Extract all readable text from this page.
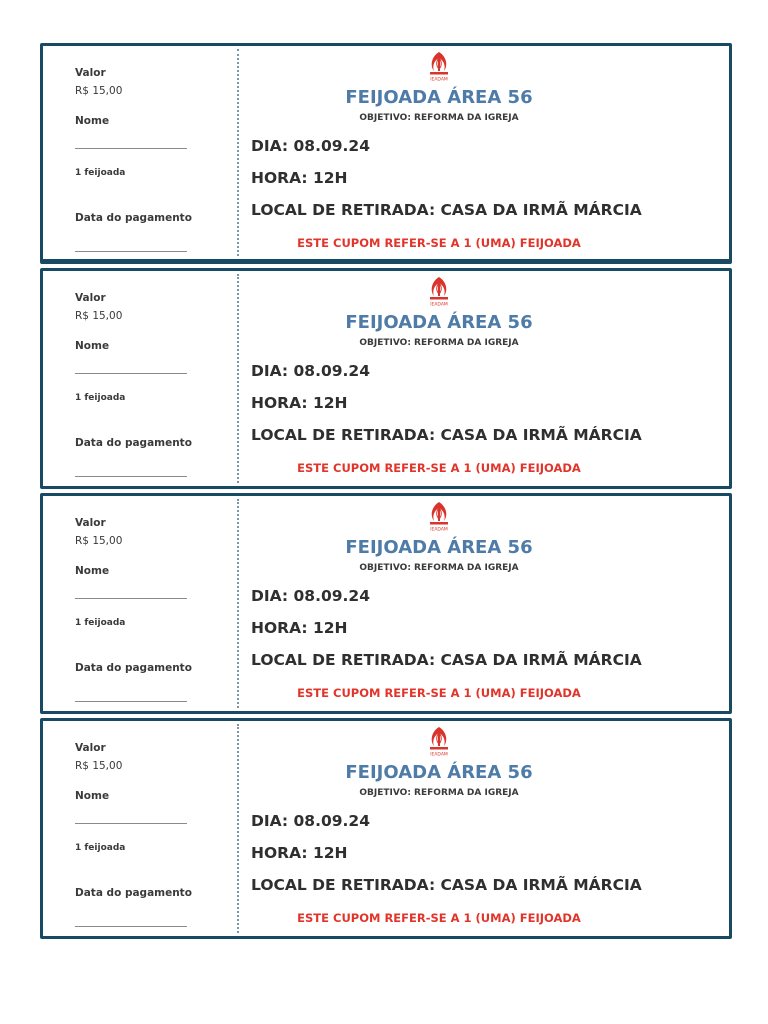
Valor
R$ 15,00
Nome
1 feijoada
Data do pagamento
IEADAM
FEIJOADA ÁREA 56
OBJETIVO: REFORMA DA IGREJA
DIA: 08.09.24
HORA: 12H
LOCAL DE RETIRADA: CASA DA IRMÃ MÁRCIA
ESTE CUPOM REFER-SE A 1 (UMA) FEIJOADA
Valor
R$ 15,00
Nome
1 feijoada
Data do pagamento
IEADAM
FEIJOADA ÁREA 56
OBJETIVO: REFORMA DA IGREJA
DIA: 08.09.24
HORA: 12H
LOCAL DE RETIRADA: CASA DA IRMÃ MÁRCIA
ESTE CUPOM REFER-SE A 1 (UMA) FEIJOADA
Valor
R$ 15,00
Nome
1 feijoada
Data do pagamento
IEADAM
FEIJOADA ÁREA 56
OBJETIVO: REFORMA DA IGREJA
DIA: 08.09.24
HORA: 12H
LOCAL DE RETIRADA: CASA DA IRMÃ MÁRCIA
ESTE CUPOM REFER-SE A 1 (UMA) FEIJOADA
Valor
R$ 15,00
Nome
1 feijoada
Data do pagamento
IEADAM
FEIJOADA ÁREA 56
OBJETIVO: REFORMA DA IGREJA
DIA: 08.09.24
HORA: 12H
LOCAL DE RETIRADA: CASA DA IRMÃ MÁRCIA
ESTE CUPOM REFER-SE A 1 (UMA) FEIJOADA
